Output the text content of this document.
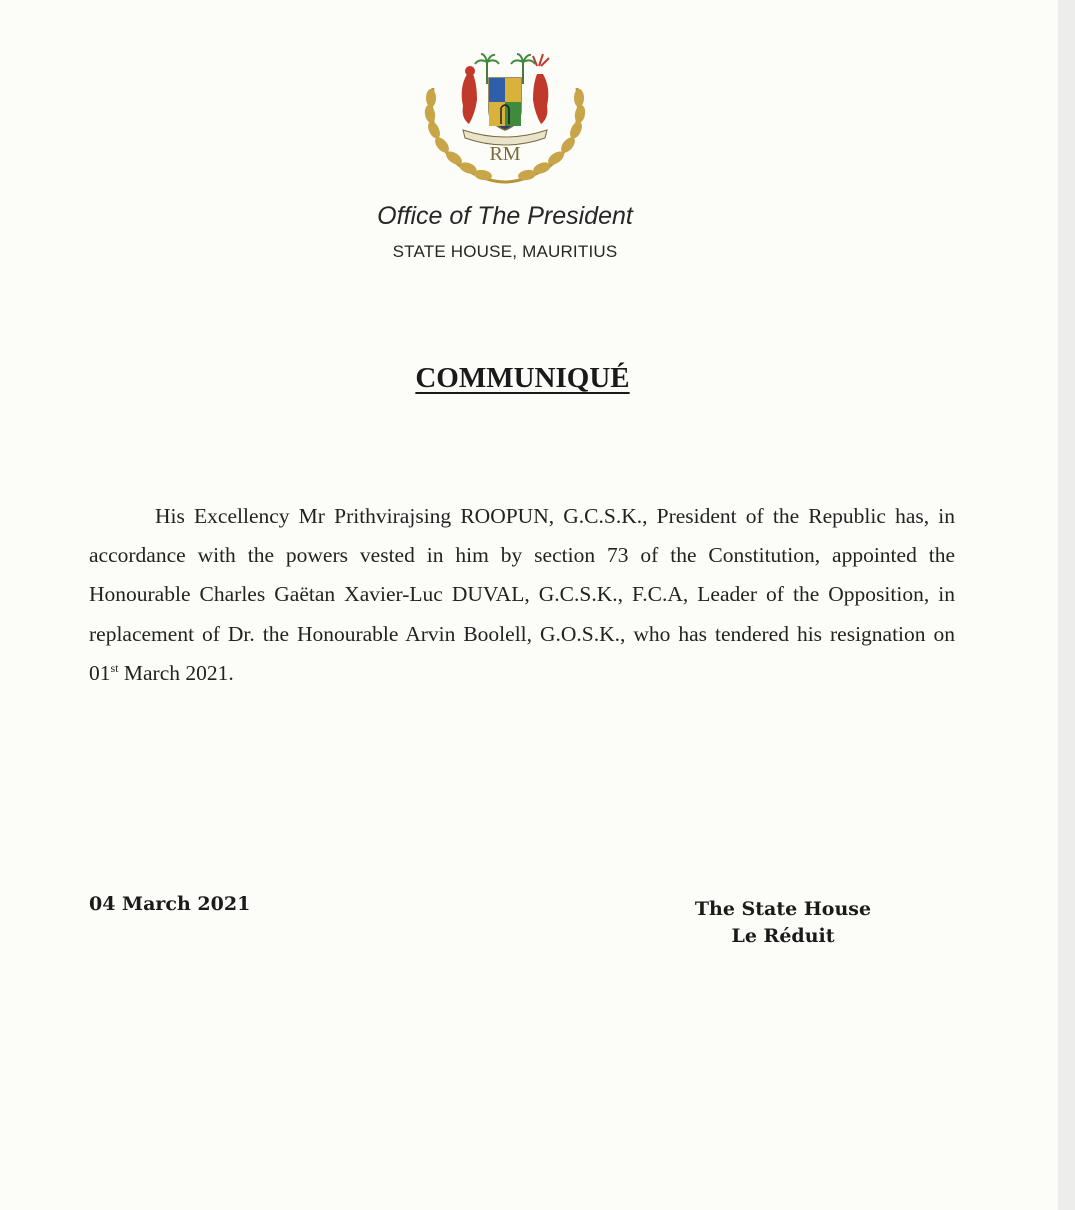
RM
Office of The President
STATE HOUSE, MAURITIUS
COMMUNIQUÉ
His Excellency Mr Prithvirajsing ROOPUN, G.C.S.K., President of the Republic has, in accordance with the powers vested in him by section 73 of the Constitution, appointed the Honourable Charles Gaëtan Xavier-Luc DUVAL, G.C.S.K., F.C.A, Leader of the Opposition, in replacement of Dr. the Honourable Arvin Boolell, G.O.S.K., who has tendered his resignation on 01st March 2021.
04 March 2021	The State House
Le Réduit
